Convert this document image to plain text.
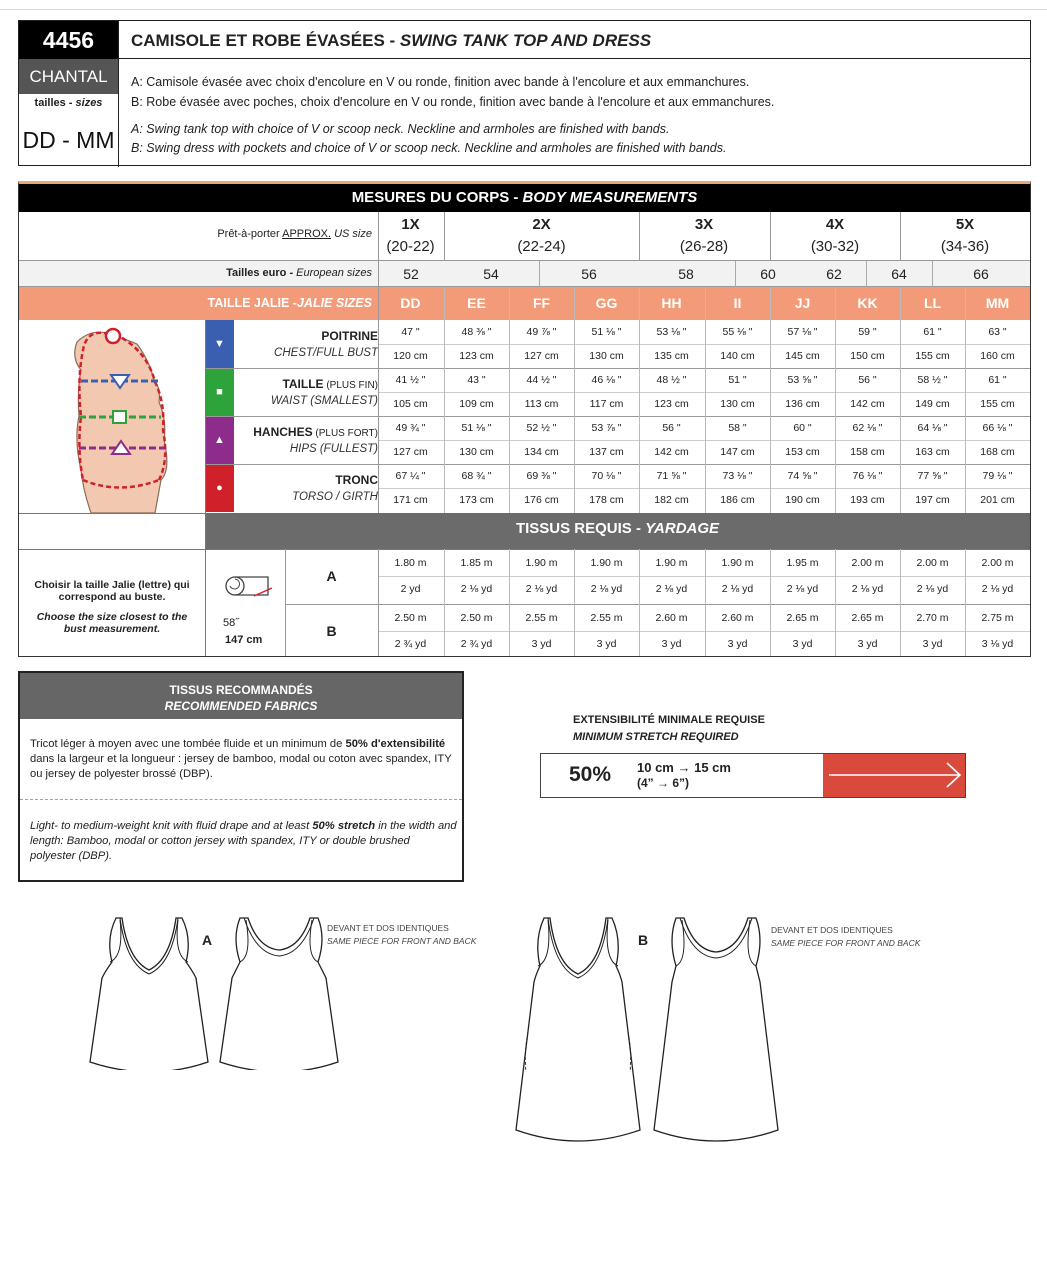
4456
CHANTAL
tailles - sizes
DD - MM
CAMISOLE ET ROBE ÉVASÉES - SWING TANK TOP AND DRESS
A: Camisole évasée avec choix d'encolure en V ou ronde, finition avec bande à l'encolure et aux emmanchures.
B: Robe évasée avec poches, choix d'encolure en V ou ronde, finition avec bande à l'encolure et aux emmanchures.
A: Swing tank top with choice of V or scoop neck. Neckline and armholes are finished with bands.
B: Swing dress with pockets and choice of V or scoop neck. Neckline and armholes are finished with bands.
MESURES DU CORPS - BODY MEASUREMENTS
Prêt-à-porter APPROX. US size
1X
(20-22)
2X
(22-24)
3X
(26-28)
4X
(30-32)
5X
(34-36)
Tailles euro - European sizes	52	54	56	58	60	62	64	66
TAILLE JALIE -JALIE SIZES	DD	EE	FF	GG	HH	II	JJ	KK	LL	MM
▼
POITRINE
CHEST/FULL BUST
47 "	48 ⅜ "	49 ⅞ "	51 ⅛ "	53 ⅛ "	55 ⅛ "	57 ⅛ "	59 "	61 "	63 "
120 cm	123 cm	127 cm	130 cm	135 cm	140 cm	145 cm	150 cm	155 cm	160 cm
■
TAILLE (PLUS FIN)
WAIST (SMALLEST)
41 ½ "	43 "	44 ½ "	46 ⅛ "	48 ½ "	51 "	53 ⅝ "	56 "	58 ½ "	61 "
105 cm	109 cm	113 cm	117 cm	123 cm	130 cm	136 cm	142 cm	149 cm	155 cm
▲
HANCHES (PLUS FORT)
HIPS (FULLEST)
49 ¾ "	51 ⅛ "	52 ½ "	53 ⅞ "	56 "	58 "	60 "	62 ⅛ "	64 ⅛ "	66 ⅛ "
127 cm	130 cm	134 cm	137 cm	142 cm	147 cm	153 cm	158 cm	163 cm	168 cm
●
TRONC
TORSO / GIRTH
67 ¼ "	68 ¾ "	69 ⅜ "	70 ⅛ "	71 ⅝ "	73 ⅛ "	74 ⅝ "	76 ⅛ "	77 ⅝ "	79 ⅛ "
171 cm	173 cm	176 cm	178 cm	182 cm	186 cm	190 cm	193 cm	197 cm	201 cm
TISSUS REQUIS - YARDAGE
Choisir la taille Jalie (lettre) qui correspond au buste.
Choose the size closest to the bust measurement.	58˝
147 cm
A
1.80 m	1.85 m	1.90 m	1.90 m	1.90 m	1.90 m	1.95 m	2.00 m	2.00 m	2.00 m
2 yd	2 ⅛ yd	2 ⅛ yd	2 ⅛ yd	2 ⅛ yd	2 ⅛ yd	2 ⅛ yd	2 ⅛ yd	2 ⅛ yd	2 ⅛ yd
B
2.50 m	2.50 m	2.55 m	2.55 m	2.60 m	2.60 m	2.65 m	2.65 m	2.70 m	2.75 m
2 ¾ yd	2 ¾ yd	3 yd	3 yd	3 yd	3 yd	3 yd	3 yd	3 yd	3 ⅛ yd
TISSUS RECOMMANDÉS
RECOMMENDED FABRICS
Tricot léger à moyen avec une tombée fluide et un minimum de 50% d'extensibilité dans la largeur et la longueur : jersey de bamboo, modal ou coton avec spandex, ITY ou jersey de polyester brossé (DBP).
Light- to medium-weight knit with fluid drape and at least 50% stretch in the width and length: Bamboo, modal or cotton jersey with spandex, ITY or double brushed polyester (DBP).
EXTENSIBILITÉ MINIMALE REQUISE
MINIMUM STRETCH REQUIRED
50% 10 cm → 15 cm
(4” → 6”)
A
DEVANT ET DOS IDENTIQUES
SAME PIECE FOR FRONT AND BACK	B
DEVANT ET DOS IDENTIQUES
SAME PIECE FOR FRONT AND BACK
